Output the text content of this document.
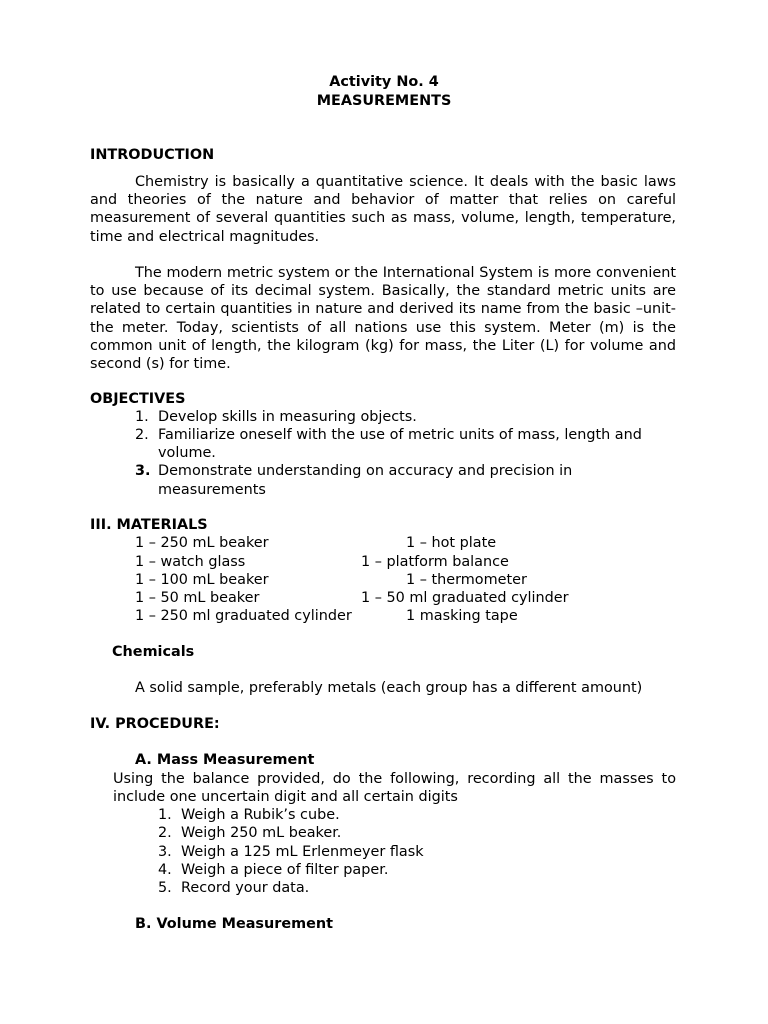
Activity No. 4
MEASUREMENTS
INTRODUCTION
Chemistry is basically a quantitative science. It deals with the basic laws and theories of the nature and behavior of matter that relies on careful measurement of several quantities such as mass, volume, length, temperature, time and electrical magnitudes.
The modern metric system or the International System is more convenient to use because of its decimal system. Basically, the standard metric units are related to certain quantities in nature and derived its name from the basic –unit- the meter. Today, scientists of all nations use this system. Meter (m) is the common unit of length, the kilogram (kg) for mass, the Liter (L) for volume and second (s) for time.
OBJECTIVES
1. Develop skills in measuring objects.
2. Familiarize oneself with the use of metric units of mass, length and
volume.
3. Demonstrate understanding on accuracy and precision in
measurements
III. MATERIALS
1 – 250 mL beaker	1 – hot plate
1 – watch glass	1 – platform balance
1 – 100 mL beaker	1 – thermometer
1 – 50 mL beaker	1 – 50 ml graduated cylinder
1 – 250 ml graduated cylinder	1 masking tape
Chemicals
A solid sample, preferably metals (each group has a different amount)
IV. PROCEDURE:
A. Mass Measurement
Using the balance provided, do the following, recording all the masses to include one uncertain digit and all certain digits
1. Weigh a Rubik’s cube.
2. Weigh 250 mL beaker.
3. Weigh a 125 mL Erlenmeyer flask
4. Weigh a piece of filter paper.
5. Record your data.
B. Volume Measurement
